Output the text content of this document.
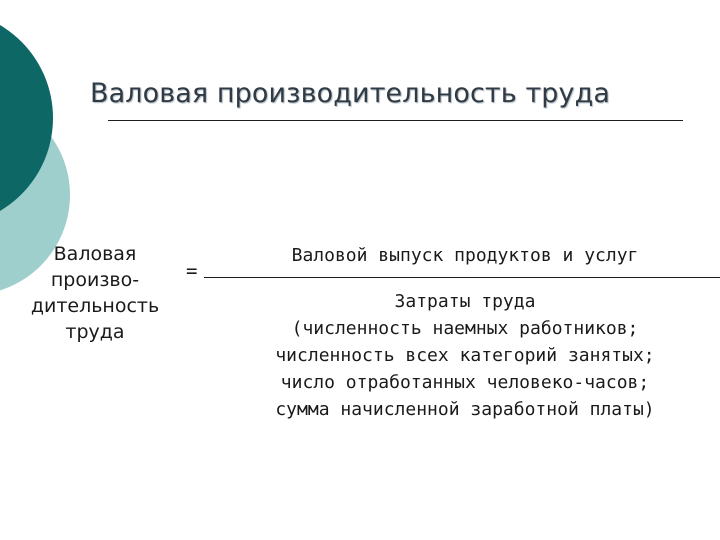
Валовая производительность труда
Валовая
произво-
дительность
труда
=
Валовой выпуск продуктов и услуг
Затраты труда
(численность наемных работников;
численность всех категорий занятых;
число отработанных человеко-часов;
сумма начисленной заработной платы)
